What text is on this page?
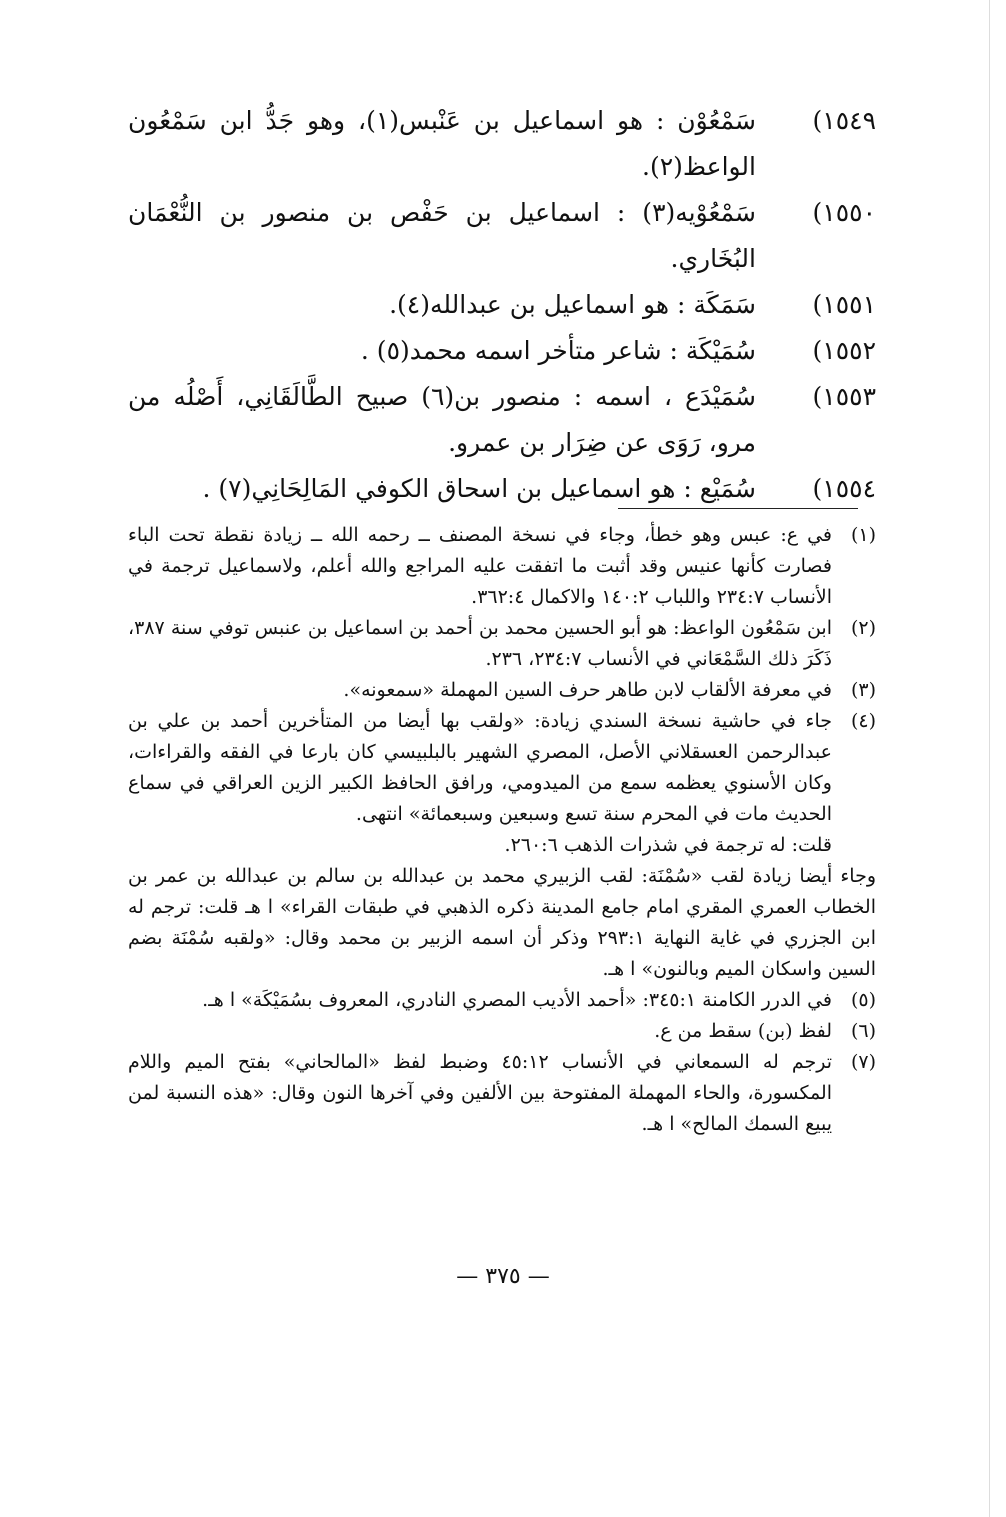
١٥٤٩)
سَمْعُوْن : هو اسماعيل بن عَنْبس(١)، وهو جَدُّ ابن سَمْعُون الواعظ(٢).
١٥٥٠)
سَمْعُوْيه(٣) : اسماعيل بن حَفْص بن منصور بن النُّعْمَان البُخَاري.
١٥٥١)
سَمَكَة : هو اسماعيل بن عبدالله(٤).
١٥٥٢)
سُمَيْكَة : شاعر متأخر اسمه محمد(٥) .
١٥٥٣)
سُمَيْدَع ، اسمه : منصور بن(٦) صبيح الطَّالَقَانِي، أَصْلُه من مرو، رَوَى عن ضِرَار بن عمرو.
١٥٥٤)
سُمَيْع : هو اسماعيل بن اسحاق الكوفي المَالِحَانِي(٧) .
(١)

في ع: عبس وهو خطأ، وجاء في نسخة المصنف ــ رحمه الله ــ زيادة نقطة تحت الباء فصارت كأنها عنيس وقد أثبت ما اتفقت عليه المراجع والله أعلم، ولاسماعيل ترجمة في الأنساب ٢٣٤:٧ واللباب ١٤٠:٢ والاكمال ٣٦٢:٤.

(٢)

ابن سَمْعُون الواعظ: هو أبو الحسين محمد بن أحمد بن اسماعيل بن عنبس توفي سنة ٣٨٧، ذَكَرَ ذلك السَّمْعَاني في الأنساب ٢٣٤:٧، ٢٣٦.

(٣)

في معرفة الألقاب لابن طاهر حرف السين المهملة «سمعونه».

(٤)

جاء في حاشية نسخة السندي زيادة: «ولقب بها أيضا من المتأخرين أحمد بن علي بن عبدالرحمن العسقلاني الأصل، المصري الشهير بالبلبيسي كان بارعا في الفقه والقراءات، وكان الأسنوي يعظمه سمع من الميدومي، ورافق الحافظ الكبير الزين العراقي في سماع الحديث مات في المحرم سنة تسع وسبعين وسبعمائة» انتهى.

قلت: له ترجمة في شذرات الذهب ٢٦٠:٦.

وجاء أيضا زيادة لقب «سُمْنَة: لقب الزبيري محمد بن عبدالله بن سالم بن عبدالله بن عمر بن الخطاب العمري المقري امام جامع المدينة ذكره الذهبي في طبقات القراء» ا هـ قلت: ترجم له ابن الجزري في غاية النهاية ٢٩٣:١ وذكر أن اسمه الزبير بن محمد وقال: «ولقبه سُمْنَة بضم السين واسكان الميم وبالنون» ا هـ.
(٥)

في الدرر الكامنة ٣٤٥:١: «أحمد الأديب المصري النادري، المعروف بسُمَيْكَة» ا هـ.

(٦)

لفظ (بن) سقط من ع.

(٧)

ترجم له السمعاني في الأنساب ٤٥:١٢ وضبط لفظ «المالحاني» بفتح الميم واللام المكسورة، والحاء المهملة المفتوحة بين الألفين وفي آخرها النون وقال: «هذه النسبة لمن يبيع السمك المالح» ا هـ.

— ٣٧٥ —
